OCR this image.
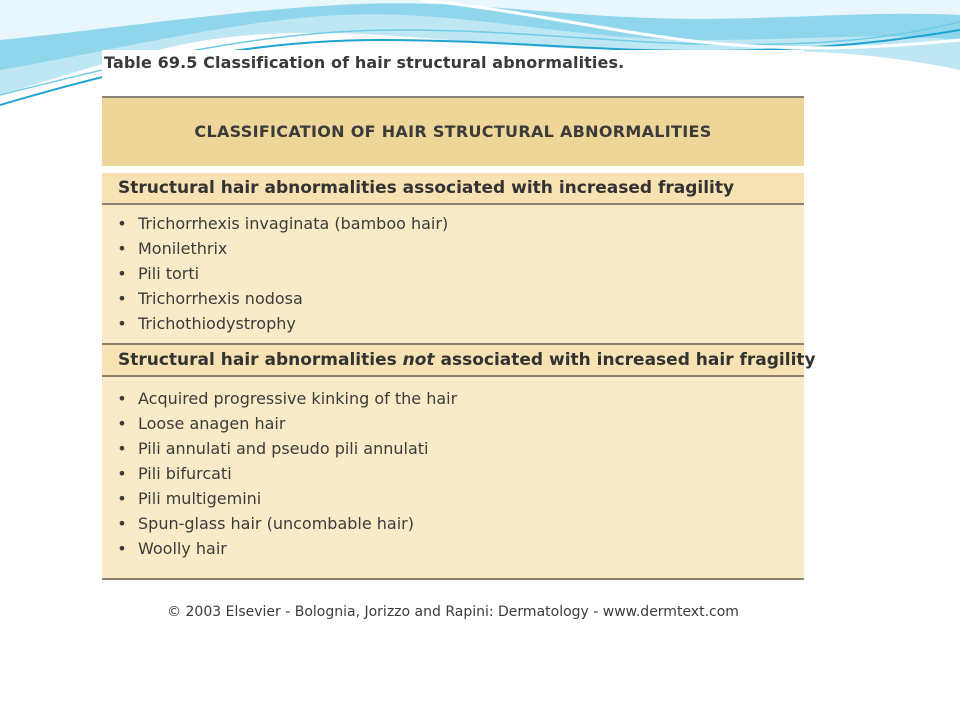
Table 69.5 Classification of hair structural abnormalities.
CLASSIFICATION OF HAIR STRUCTURAL ABNORMALITIES
Structural hair abnormalities associated with increased fragility
• Trichorrhexis invaginata (bamboo hair)
• Monilethrix
• Pili torti
• Trichorrhexis nodosa
• Trichothiodystrophy
Structural hair abnormalities not associated with increased hair fragility
• Acquired progressive kinking of the hair
• Loose anagen hair
• Pili annulati and pseudo pili annulati
• Pili bifurcati
• Pili multigemini
• Spun-glass hair (uncombable hair)
• Woolly hair
© 2003 Elsevier - Bolognia, Jorizzo and Rapini: Dermatology - www.dermtext.com
